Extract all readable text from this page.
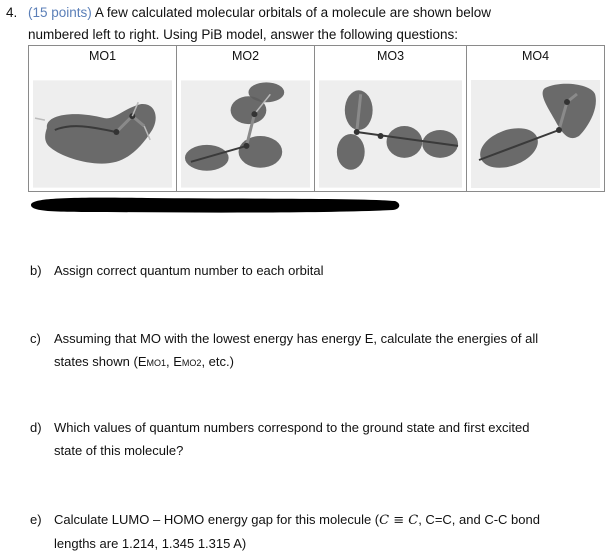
4. (15 points) A few calculated molecular orbitals of a molecule are shown below
numbered left to right. Using PiB model, answer the following questions:
MO1	MO2	MO3	MO4
b) Assign correct quantum number to each orbital
c) Assuming that MO with the lowest energy has energy E, calculate the energies of all
states shown (EMO1, EMO2, etc.)
d) Which values of quantum numbers correspond to the ground state and first excited
state of this molecule?
e) Calculate LUMO – HOMO energy gap for this molecule (C ≡ C, C=C, and C-C bond
lengths are 1.214, 1.345 1.315 A)
